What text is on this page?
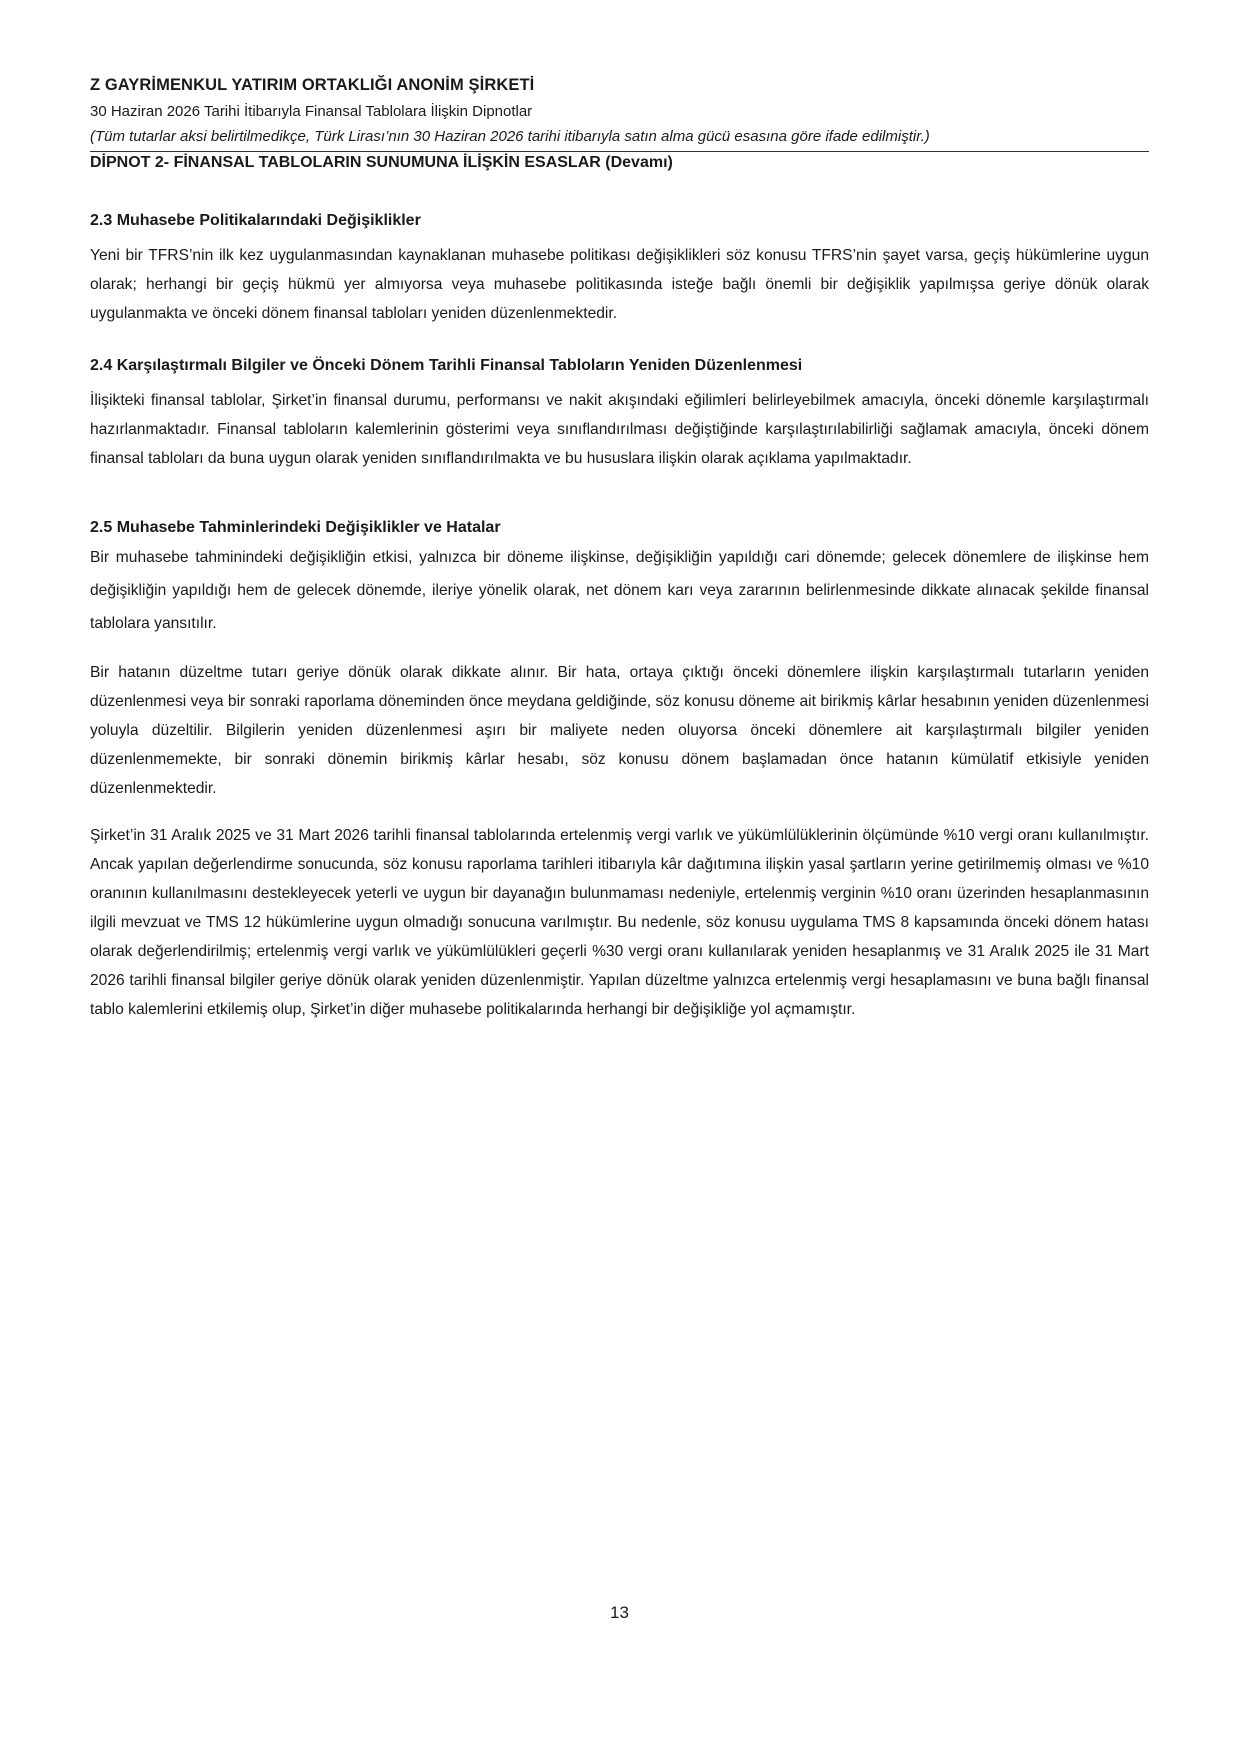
Z GAYRİMENKUL YATIRIM ORTAKLIĞI ANONİM ŞİRKETİ

30 Haziran 2026 Tarihi İtibarıyla Finansal Tablolara İlişkin Dipnotlar

(Tüm tutarlar aksi belirtilmedikçe, Türk Lirası’nın 30 Haziran 2026 tarihi itibarıyla satın alma gücü esasına göre ifade edilmiştir.)

DİPNOT 2- FİNANSAL TABLOLARIN SUNUMUNA İLİŞKİN ESASLAR (Devamı)

2.3 Muhasebe Politikalarındaki Değişiklikler

Yeni bir TFRS’nin ilk kez uygulanmasından kaynaklanan muhasebe politikası değişiklikleri söz konusu TFRS’nin şayet varsa, geçiş hükümlerine uygun olarak; herhangi bir geçiş hükmü yer almıyorsa veya muhasebe politikasında isteğe bağlı önemli bir değişiklik yapılmışsa geriye dönük olarak uygulanmakta ve önceki dönem finansal tabloları yeniden düzenlenmektedir.

2.4 Karşılaştırmalı Bilgiler ve Önceki Dönem Tarihli Finansal Tabloların Yeniden Düzenlenmesi

İlişikteki finansal tablolar, Şirket’in finansal durumu, performansı ve nakit akışındaki eğilimleri belirleyebilmek amacıyla, önceki dönemle karşılaştırmalı hazırlanmaktadır. Finansal tabloların kalemlerinin gösterimi veya sınıflandırılması değiştiğinde karşılaştırılabilirliği sağlamak amacıyla, önceki dönem finansal tabloları da buna uygun olarak yeniden sınıflandırılmakta ve bu hususlara ilişkin olarak açıklama yapılmaktadır.

2.5 Muhasebe Tahminlerindeki Değişiklikler ve Hatalar

Bir muhasebe tahminindeki değişikliğin etkisi, yalnızca bir döneme ilişkinse, değişikliğin yapıldığı cari dönemde; gelecek dönemlere de ilişkinse hem değişikliğin yapıldığı hem de gelecek dönemde, ileriye yönelik olarak, net dönem karı veya zararının belirlenmesinde dikkate alınacak şekilde finansal tablolara yansıtılır.

Bir hatanın düzeltme tutarı geriye dönük olarak dikkate alınır. Bir hata, ortaya çıktığı önceki dönemlere ilişkin karşılaştırmalı tutarların yeniden düzenlenmesi veya bir sonraki raporlama döneminden önce meydana geldiğinde, söz konusu döneme ait birikmiş kârlar hesabının yeniden düzenlenmesi yoluyla düzeltilir. Bilgilerin yeniden düzenlenmesi aşırı bir maliyete neden oluyorsa önceki dönemlere ait karşılaştırmalı bilgiler yeniden düzenlenmemekte, bir sonraki dönemin birikmiş kârlar hesabı, söz konusu dönem başlamadan önce hatanın kümülatif etkisiyle yeniden düzenlenmektedir.

Şirket’in 31 Aralık 2025 ve 31 Mart 2026 tarihli finansal tablolarında ertelenmiş vergi varlık ve yükümlülüklerinin ölçümünde %10 vergi oranı kullanılmıştır. Ancak yapılan değerlendirme sonucunda, söz konusu raporlama tarihleri itibarıyla kâr dağıtımına ilişkin yasal şartların yerine getirilmemiş olması ve %10 oranının kullanılmasını destekleyecek yeterli ve uygun bir dayanağın bulunmaması nedeniyle, ertelenmiş verginin %10 oranı üzerinden hesaplanmasının ilgili mevzuat ve TMS 12 hükümlerine uygun olmadığı sonucuna varılmıştır. Bu nedenle, söz konusu uygulama TMS 8 kapsamında önceki dönem hatası olarak değerlendirilmiş; ertelenmiş vergi varlık ve yükümlülükleri geçerli %30 vergi oranı kullanılarak yeniden hesaplanmış ve 31 Aralık 2025 ile 31 Mart 2026 tarihli finansal bilgiler geriye dönük olarak yeniden düzenlenmiştir. Yapılan düzeltme yalnızca ertelenmiş vergi hesaplamasını ve buna bağlı finansal tablo kalemlerini etkilemiş olup, Şirket’in diğer muhasebe politikalarında herhangi bir değişikliğe yol açmamıştır.

13
